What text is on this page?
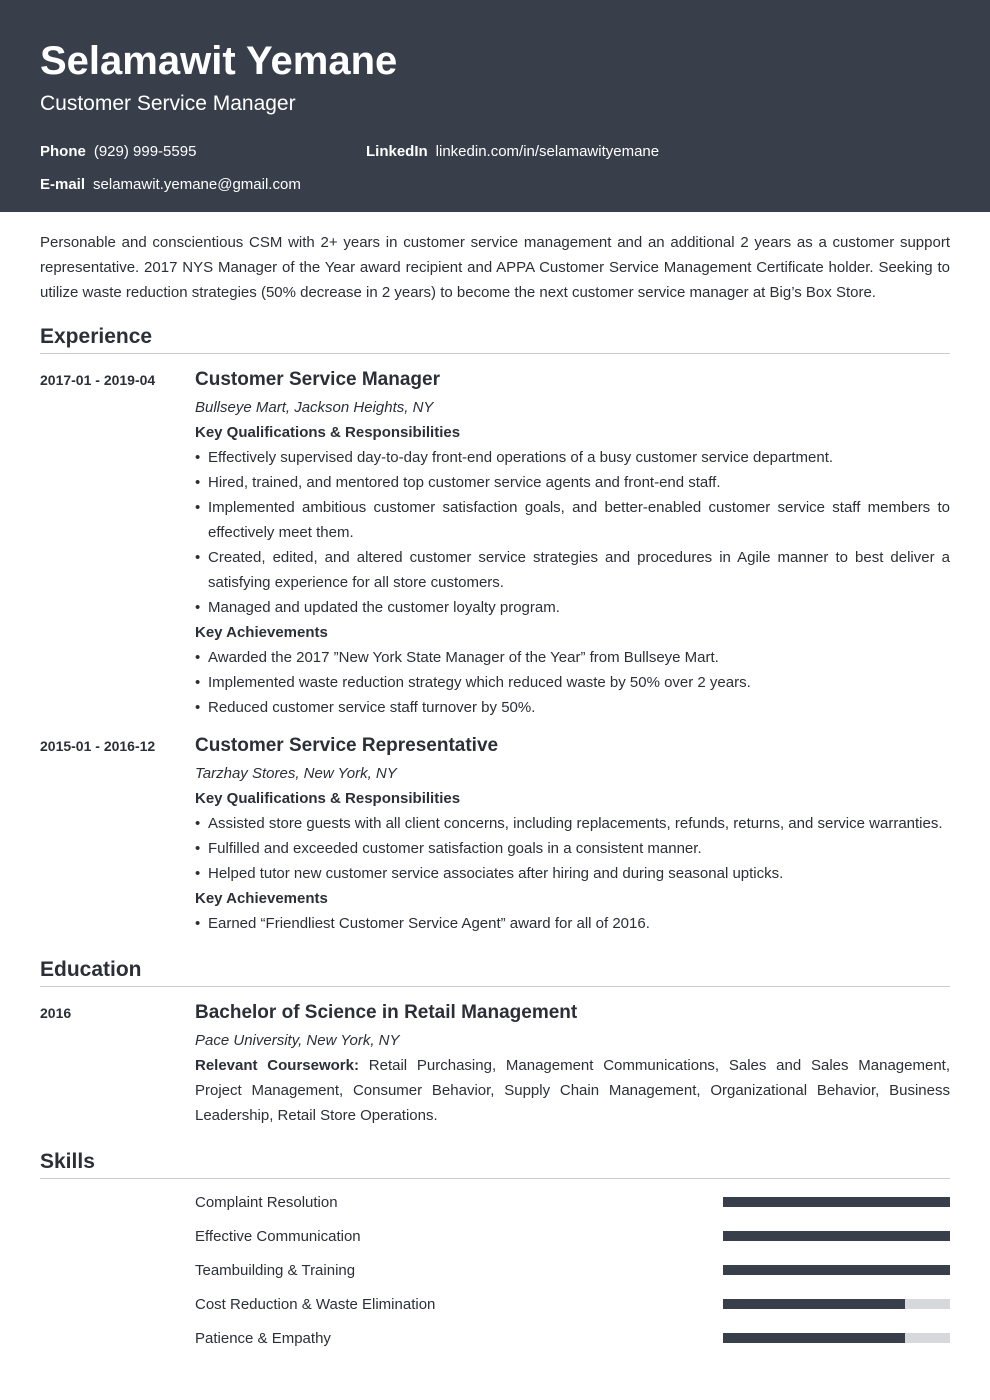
Selamawit Yemane
Customer Service Manager
Phone (929) 999-5595	LinkedIn linkedin.com/in/selamawityemane
E-mail selamawit.yemane@gmail.com

Personable and conscientious CSM with 2+ years in customer service management and an additional 2 years as a customer support representative. 2017 NYS Manager of the Year award recipient and APPA Customer Service Management Certificate holder. Seeking to utilize waste reduction strategies (50% decrease in 2 years) to become the next customer service manager at Big’s Box Store.

Experience
2017-01 - 2019-04	Customer Service Manager
Bullseye Mart, Jackson Heights, NY
Key Qualifications & Responsibilities
• Effectively supervised day-to-day front-end operations of a busy customer service department.
• Hired, trained, and mentored top customer service agents and front-end staff.
• Implemented ambitious customer satisfaction goals, and better-enabled customer service staff members to effectively meet them.
• Created, edited, and altered customer service strategies and procedures in Agile manner to best deliver a satisfying experience for all store customers.
• Managed and updated the customer loyalty program.
Key Achievements
• Awarded the 2017 ”New York State Manager of the Year” from Bullseye Mart.
• Implemented waste reduction strategy which reduced waste by 50% over 2 years.
• Reduced customer service staff turnover by 50%.
2015-01 - 2016-12	Customer Service Representative
Tarzhay Stores, New York, NY
Key Qualifications & Responsibilities
• Assisted store guests with all client concerns, including replacements, refunds, returns, and service warranties.
• Fulfilled and exceeded customer satisfaction goals in a consistent manner.
• Helped tutor new customer service associates after hiring and during seasonal upticks.
Key Achievements
• Earned “Friendliest Customer Service Agent” award for all of 2016.
Education
2016	Bachelor of Science in Retail Management
Pace University, New York, NY
Relevant Coursework: Retail Purchasing, Management Communications, Sales and Sales Management, Project Management, Consumer Behavior, Supply Chain Management, Organizational Behavior, Business Leadership, Retail Store Operations.
Skills
Complaint Resolution
Effective Communication
Teambuilding & Training
Cost Reduction & Waste Elimination
Patience & Empathy
